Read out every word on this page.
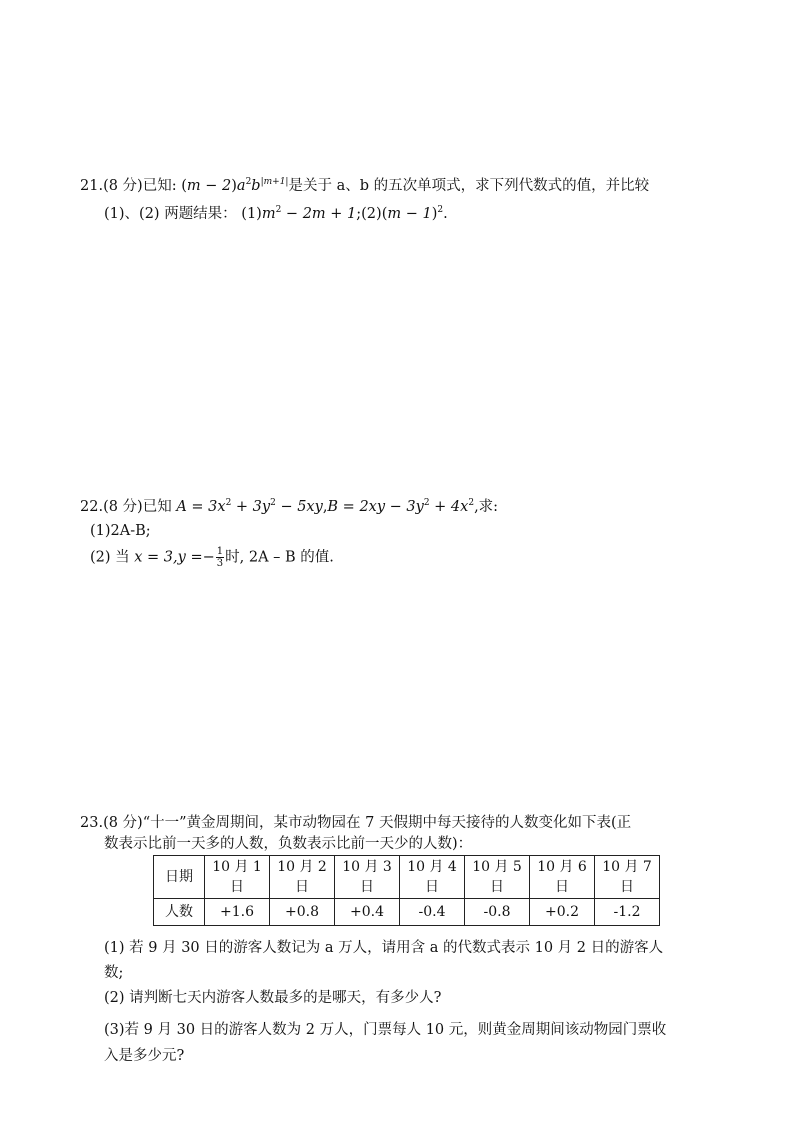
21.(8 分)已知: $(m - 2)a^2b^{|m+1|}$是关于 a、b 的五次单项式，求下列代数式的值，并比较
(1)、(2) 两题结果： $(1)m^2 - 2m$ + 1;(2)(m − 1)$^2$.
22.(8 分)已知 $A = 3x^2 + 3y^2 - 5xy,B = 2xy - 3y^2 + 4x^2$,求:
(1)2A-B;
(2) 当 $x = 3,y =- \frac{1}{3}$ 时, 2A – B 的值.
23.(8 分)“十一”黄金周期间，某市动物园在 7 天假期中每天接待的人数变化如下表(正
数表示比前一天多的人数，负数表示比前一天少的人数)：
日期	10 月 1 日	10 月 2 日	10 月 3 日	10 月 4 日	10 月 5 日	10 月 6 日	10 月 7 日
人数	+1.6	+0.8	+0.4	-0.4	-0.8	+0.2	-1.2
(1) 若 9 月 30 日的游客人数记为 a 万人，请用含 a 的代数式表示 10 月 2 日的游客人
数;
(2) 请判断七天内游客人数最多的是哪天，有多少人?
(3)若 9 月 30 日的游客人数为 2 万人，门票每人 10 元，则黄金周期间该动物园门票收
入是多少元?
